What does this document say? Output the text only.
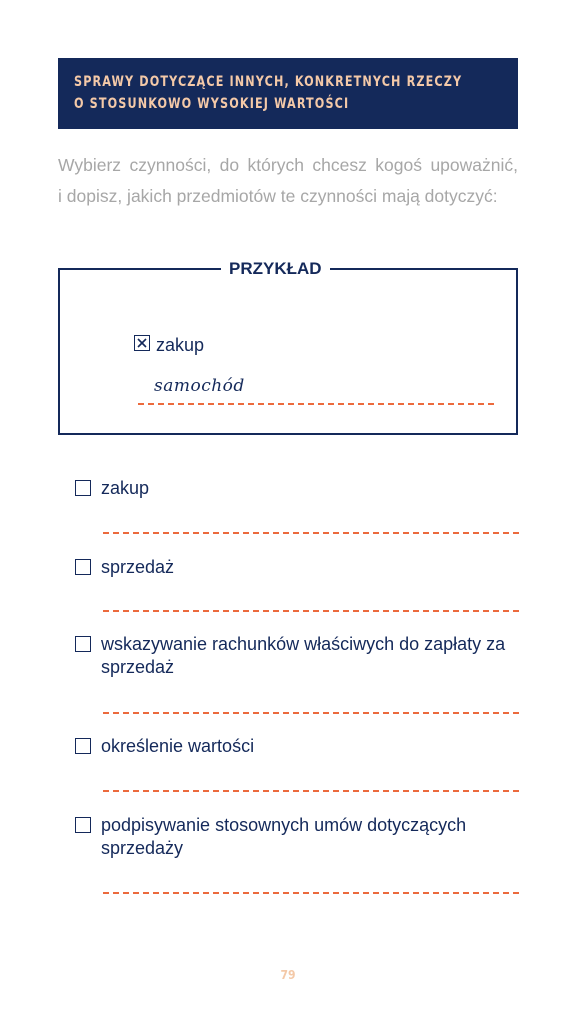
SPRAWY DOTYCZĄCE INNYCH, KONKRETNYCH RZECZY
O STOSUNKOWO WYSOKIEJ WARTOŚCI
Wybierz czynności, do których chcesz kogoś upoważnić,
i dopisz, jakich przedmiotów te czynności mają dotyczyć:
PRZYKŁAD
zakup
samochód
zakup
sprzedaż
wskazywanie rachunków właściwych do zapłaty za
sprzedaż
określenie wartości
podpisywanie stosownych umów dotyczących
sprzedaży
79
